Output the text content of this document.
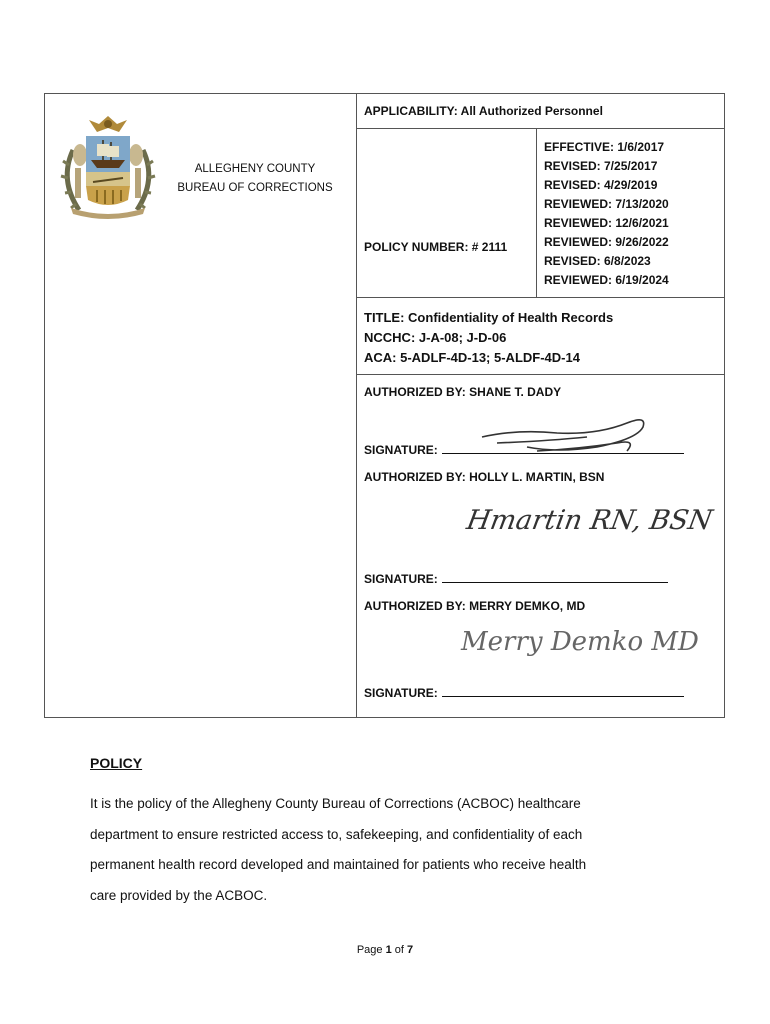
ALLEGHENY COUNTY
BUREAU OF CORRECTIONS
APPLICABILITY: All Authorized Personnel
POLICY NUMBER: # 2111
EFFECTIVE: 1/6/2017
REVISED: 7/25/2017
REVISED: 4/29/2019
REVIEWED: 7/13/2020
REVIEWED: 12/6/2021
REVIEWED: 9/26/2022
REVISED: 6/8/2023
REVIEWED: 6/19/2024
TITLE: Confidentiality of Health Records
NCCHC: J-A-08; J-D-06
ACA: 5-ADLF-4D-13; 5-ALDF-4D-14
AUTHORIZED BY: SHANE T. DADY
SIGNATURE:
AUTHORIZED BY: HOLLY L. MARTIN, BSN
Hmartin RN, BSN
SIGNATURE:
AUTHORIZED BY: MERRY DEMKO, MD
Merry Demko MD
SIGNATURE:
POLICY
It is the policy of the Allegheny County Bureau of Corrections (ACBOC) healthcare
department to ensure restricted access to, safekeeping, and confidentiality of each
permanent health record developed and maintained for patients who receive health
care provided by the ACBOC.
Page 1 of 7
